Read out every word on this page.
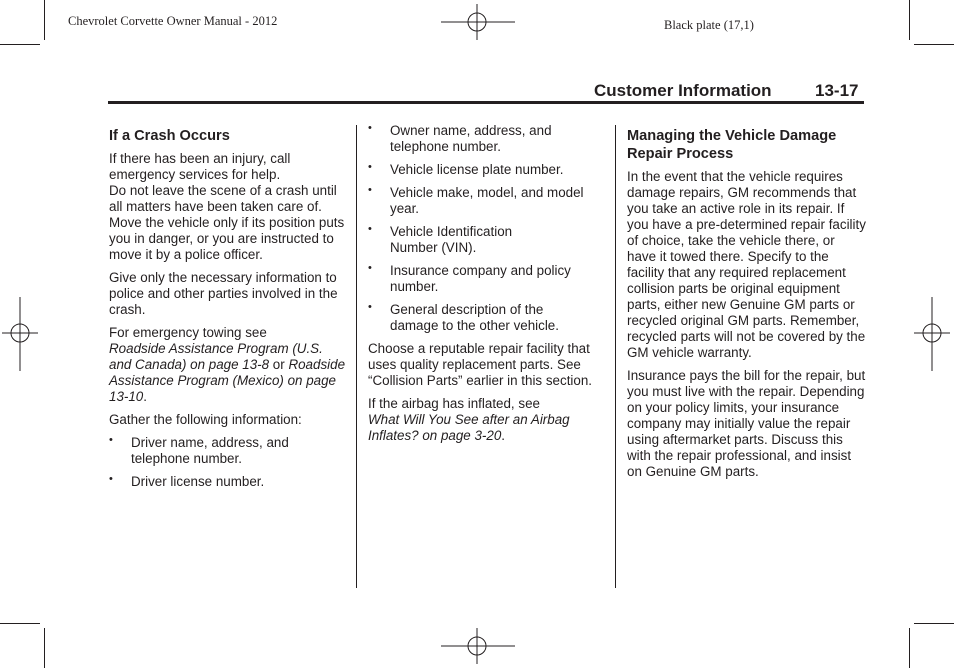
Chevrolet Corvette Owner Manual - 2012	Black plate (17,1)
Customer Information	13-17
If a Crash Occurs

If there has been an injury, call
emergency services for help.
Do not leave the scene of a crash until all matters have been taken care of. Move the vehicle only if its position puts you in danger, or you are instructed to move it by a police officer.

Give only the necessary information to police and other parties involved in the crash.

For emergency towing see
Roadside Assistance Program (U.S. and Canada) on page 13-8 or Roadside Assistance Program (Mexico) on page 13-10.

Gather the following information:

• Driver name, address, and telephone number.
• Driver license number.
• Owner name, address, and telephone number.
• Vehicle license plate number.
• Vehicle make, model, and model year.
• Vehicle Identification Number (VIN).
• Insurance company and policy number.
• General description of the damage to the other vehicle.

Choose a reputable repair facility that uses quality replacement parts. See “Collision Parts” earlier in this section.

If the airbag has inflated, see
What Will You See after an Airbag Inflates? on page 3-20.

Managing the Vehicle Damage Repair Process

In the event that the vehicle requires damage repairs, GM recommends that you take an active role in its repair. If you have a pre-determined repair facility of choice, take the vehicle there, or have it towed there. Specify to the facility that any required replacement collision parts be original equipment parts, either new Genuine GM parts or recycled original GM parts. Remember, recycled parts will not be covered by the GM vehicle warranty.

Insurance pays the bill for the repair, but you must live with the repair. Depending on your policy limits, your insurance company may initially value the repair using aftermarket parts. Discuss this with the repair professional, and insist on Genuine GM parts.
